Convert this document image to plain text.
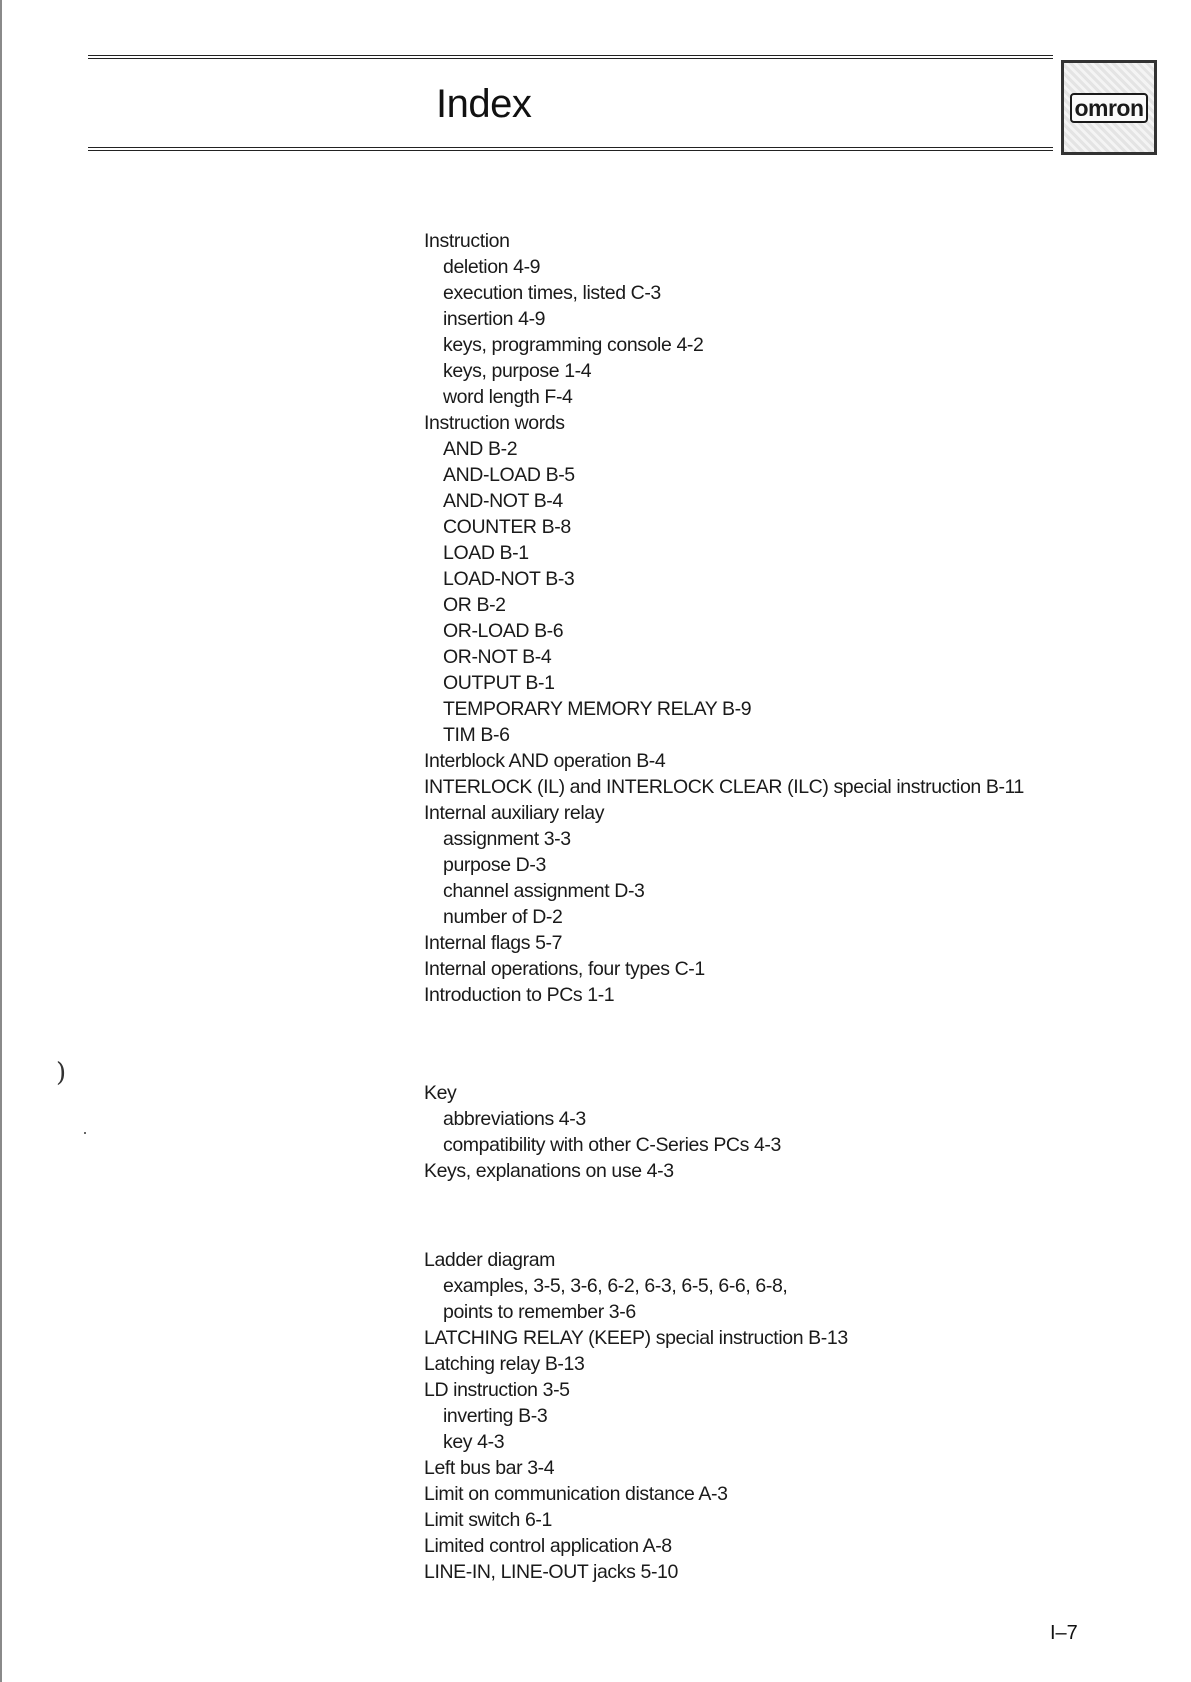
Index	omron
Instruction
deletion 4-9
execution times, listed C-3
insertion 4-9
keys, programming console 4-2
keys, purpose 1-4
word length F-4
Instruction words
AND B-2
AND-LOAD B-5
AND-NOT B-4
COUNTER B-8
LOAD B-1
LOAD-NOT B-3
OR B-2
OR-LOAD B-6
OR-NOT B-4
OUTPUT B-1
TEMPORARY MEMORY RELAY B-9
TIM B-6
Interblock AND operation B-4
INTERLOCK (IL) and INTERLOCK CLEAR (ILC) special instruction B-11
Internal auxiliary relay
assignment 3-3
purpose D-3
channel assignment D-3
number of D-2
Internal flags 5-7
Internal operations, four types C-1
Introduction to PCs 1-1
Key
abbreviations 4-3
compatibility with other C-Series PCs 4-3
Keys, explanations on use 4-3
Ladder diagram
examples, 3-5, 3-6, 6-2, 6-3, 6-5, 6-6, 6-8,
points to remember 3-6
LATCHING RELAY (KEEP) special instruction B-13
Latching relay B-13
LD instruction 3-5
inverting B-3
key 4-3
Left bus bar 3-4
Limit on communication distance A-3
Limit switch 6-1
Limited control application A-8
LINE-IN, LINE-OUT jacks 5-10
)
I–7
